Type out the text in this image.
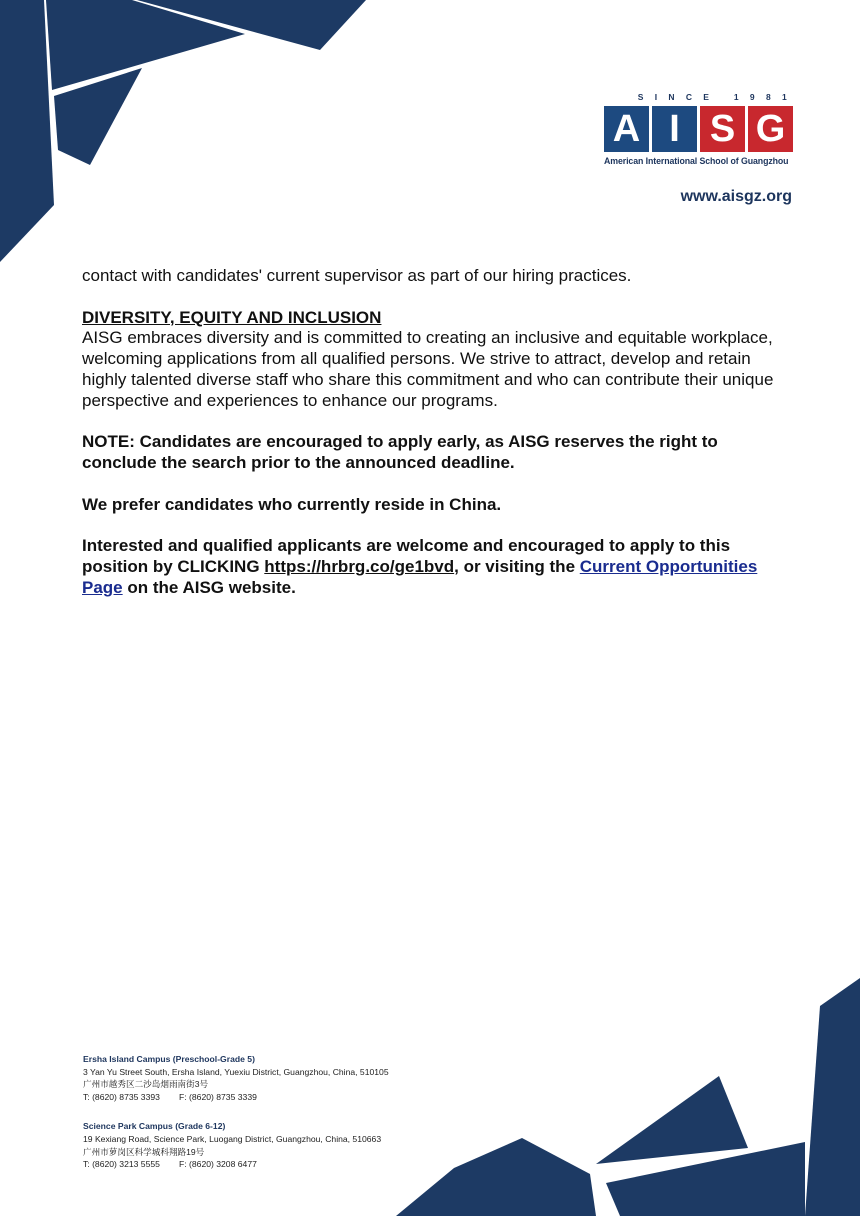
SINCE 1981
A I S G
American International School of Guangzhou
www.aisgz.org

contact with candidates' current supervisor as part of our hiring practices.

DIVERSITY, EQUITY AND INCLUSION

AISG embraces diversity and is committed to creating an inclusive and equitable workplace, welcoming applications from all qualified persons. We strive to attract, develop and retain highly talented diverse staff who share this commitment and who can contribute their unique perspective and experiences to enhance our programs.

NOTE: Candidates are encouraged to apply early, as AISG reserves the right to conclude the search prior to the announced deadline.

We prefer candidates who currently reside in China.

Interested and qualified applicants are welcome and encouraged to apply to this position by CLICKING https://hrbrg.co/ge1bvd, or visiting the Current Opportunities Page on the AISG website.

Ersha Island Campus (Preschool-Grade 5)
3 Yan Yu Street South, Ersha Island, Yuexiu District, Guangzhou, China, 510105
广州市越秀区二沙岛烟雨南街3号
T: (8620) 8735 3393 F: (8620) 8735 3339
Science Park Campus (Grade 6-12)
19 Kexiang Road, Science Park, Luogang District, Guangzhou, China, 510663
广州市萝岗区科学城科翔路19号
T: (8620) 3213 5555 F: (8620) 3208 6477
